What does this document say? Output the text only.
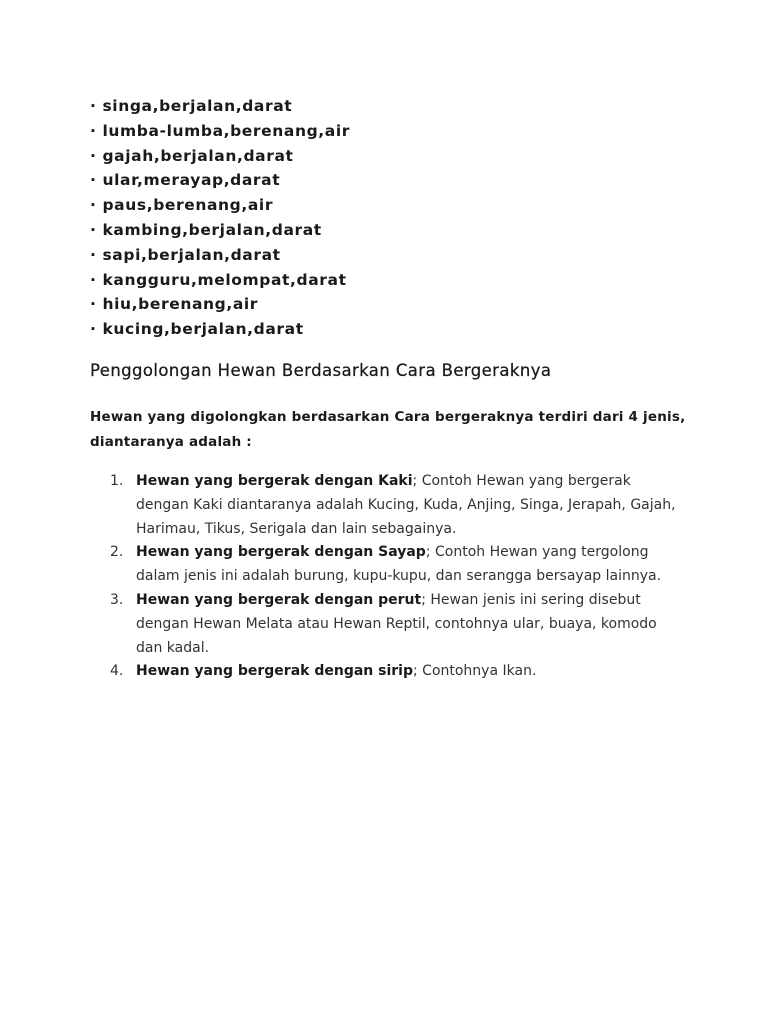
· singa,berjalan,darat
· lumba-lumba,berenang,air
· gajah,berjalan,darat
· ular,merayap,darat
· paus,berenang,air
· kambing,berjalan,darat
· sapi,berjalan,darat
· kangguru,melompat,darat
· hiu,berenang,air
· kucing,berjalan,darat
Penggolongan Hewan Berdasarkan Cara Bergeraknya

Hewan yang digolongkan berdasarkan Cara bergeraknya terdiri dari 4 jenis, diantaranya adalah :

1. Hewan yang bergerak dengan Kaki; Contoh Hewan yang bergerak dengan Kaki diantaranya adalah Kucing, Kuda, Anjing, Singa, Jerapah, Gajah, Harimau, Tikus, Serigala dan lain sebagainya.
2. Hewan yang bergerak dengan Sayap; Contoh Hewan yang tergolong dalam jenis ini adalah burung, kupu-kupu, dan serangga bersayap lainnya.
3. Hewan yang bergerak dengan perut; Hewan jenis ini sering disebut dengan Hewan Melata atau Hewan Reptil, contohnya ular, buaya, komodo dan kadal.
4. Hewan yang bergerak dengan sirip; Contohnya Ikan.
